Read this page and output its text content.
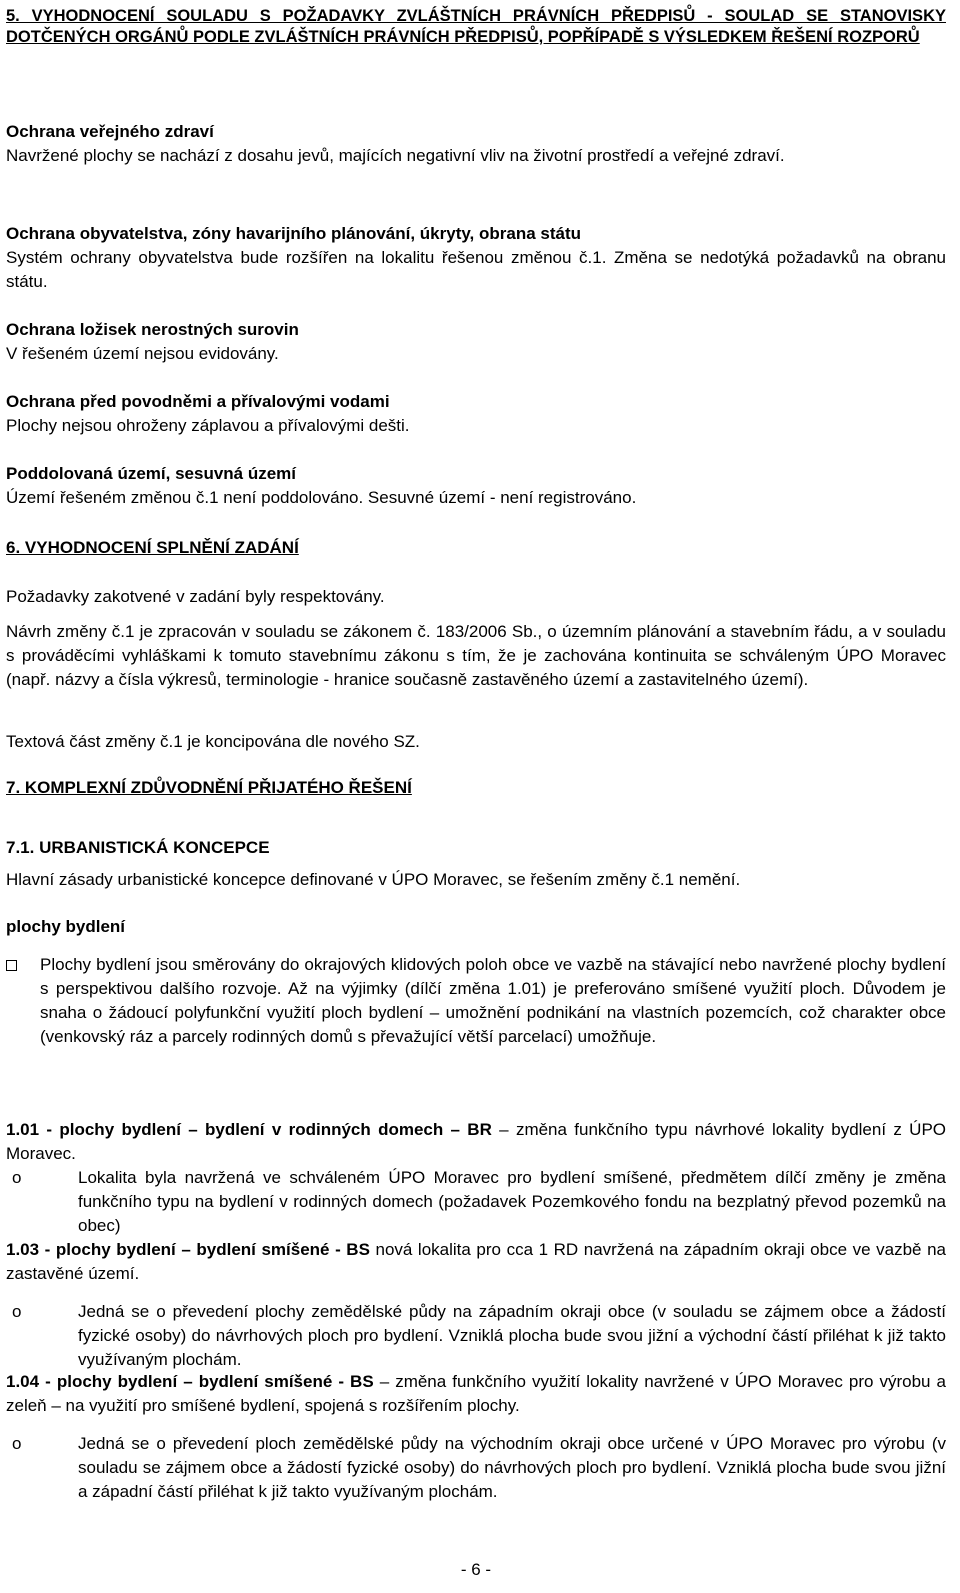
5. VYHODNOCENÍ SOULADU S POŽADAVKY ZVLÁŠTNÍCH PRÁVNÍCH PŘEDPISŮ - SOULAD SE STANOVISKY DOTČENÝCH ORGÁNŮ PODLE ZVLÁŠTNÍCH PRÁVNÍCH PŘEDPISŮ, POPŘÍPADĚ S VÝSLEDKEM ŘEŠENÍ ROZPORŮ

Ochrana veřejného zdraví
Navržené plochy se nachází z dosahu jevů, majících negativní vliv na životní prostředí a veřejné zdraví.
Ochrana obyvatelstva, zóny havarijního plánování, úkryty, obrana státu
Systém ochrany obyvatelstva bude rozšířen na lokalitu řešenou změnou č.1. Změna se nedotýká požadavků na obranu státu.
Ochrana ložisek nerostných surovin
V řešeném území nejsou evidovány.
Ochrana před povodněmi a přívalovými vodami
Plochy nejsou ohroženy záplavou a přívalovými dešti.
Poddolovaná území, sesuvná území
Území řešeném změnou č.1 není poddolováno. Sesuvné území - není registrováno.
6. VYHODNOCENÍ SPLNĚNÍ ZADÁNÍ
Požadavky zakotvené v zadání byly respektovány.
Návrh změny č.1 je zpracován v souladu se zákonem č. 183/2006 Sb., o územním plánování a stavebním řádu, a v souladu s prováděcími vyhláškami k tomuto stavebnímu zákonu s tím, že je zachována kontinuita se schváleným ÚPO Moravec (např. názvy a čísla výkresů, terminologie - hranice současně zastavěného území a zastavitelného území).
Textová část změny č.1 je koncipována dle nového SZ.
7. KOMPLEXNÍ ZDŮVODNĚNÍ PŘIJATÉHO ŘEŠENÍ
7.1. URBANISTICKÁ KONCEPCE
Hlavní zásady urbanistické koncepce definované v ÚPO Moravec, se řešením změny č.1 nemění.
plochy bydlení
Plochy bydlení jsou směrovány do okrajových klidových poloh obce ve vazbě na stávající nebo navržené plochy bydlení s perspektivou dalšího rozvoje. Až na výjimky (dílčí změna 1.01) je preferováno smíšené využití ploch. Důvodem je snaha o žádoucí polyfunkční využití ploch bydlení – umožnění podnikání na vlastních pozemcích, což charakter obce (venkovský ráz a parcely rodinných domů s převažující větší parcelací) umožňuje.
1.01 - plochy bydlení – bydlení v rodinných domech – BR – změna funkčního typu návrhové lokality bydlení z ÚPO Moravec.
o	Lokalita byla navržená ve schváleném ÚPO Moravec pro bydlení smíšené, předmětem dílčí změny je změna funkčního typu na bydlení v rodinných domech (požadavek Pozemkového fondu na bezplatný převod pozemků na obec)
1.03 - plochy bydlení – bydlení smíšené - BS nová lokalita pro cca 1 RD navržená na západním okraji obce ve vazbě na zastavěné území.
o	Jedná se o převedení plochy zemědělské půdy na západním okraji obce (v souladu se zájmem obce a žádostí fyzické osoby) do návrhových ploch pro bydlení. Vzniklá plocha bude svou jižní a východní částí přiléhat k již takto využívaným plochám.
1.04 - plochy bydlení – bydlení smíšené - BS – změna funkčního využití lokality navržené v ÚPO Moravec pro výrobu a zeleň – na využití pro smíšené bydlení, spojená s rozšířením plochy.
o	Jedná se o převedení ploch zemědělské půdy na východním okraji obce určené v ÚPO Moravec pro výrobu (v souladu se zájmem obce a žádostí fyzické osoby) do návrhových ploch pro bydlení. Vzniklá plocha bude svou jižní a západní částí přiléhat k již takto využívaným plochám.
- 6 -
